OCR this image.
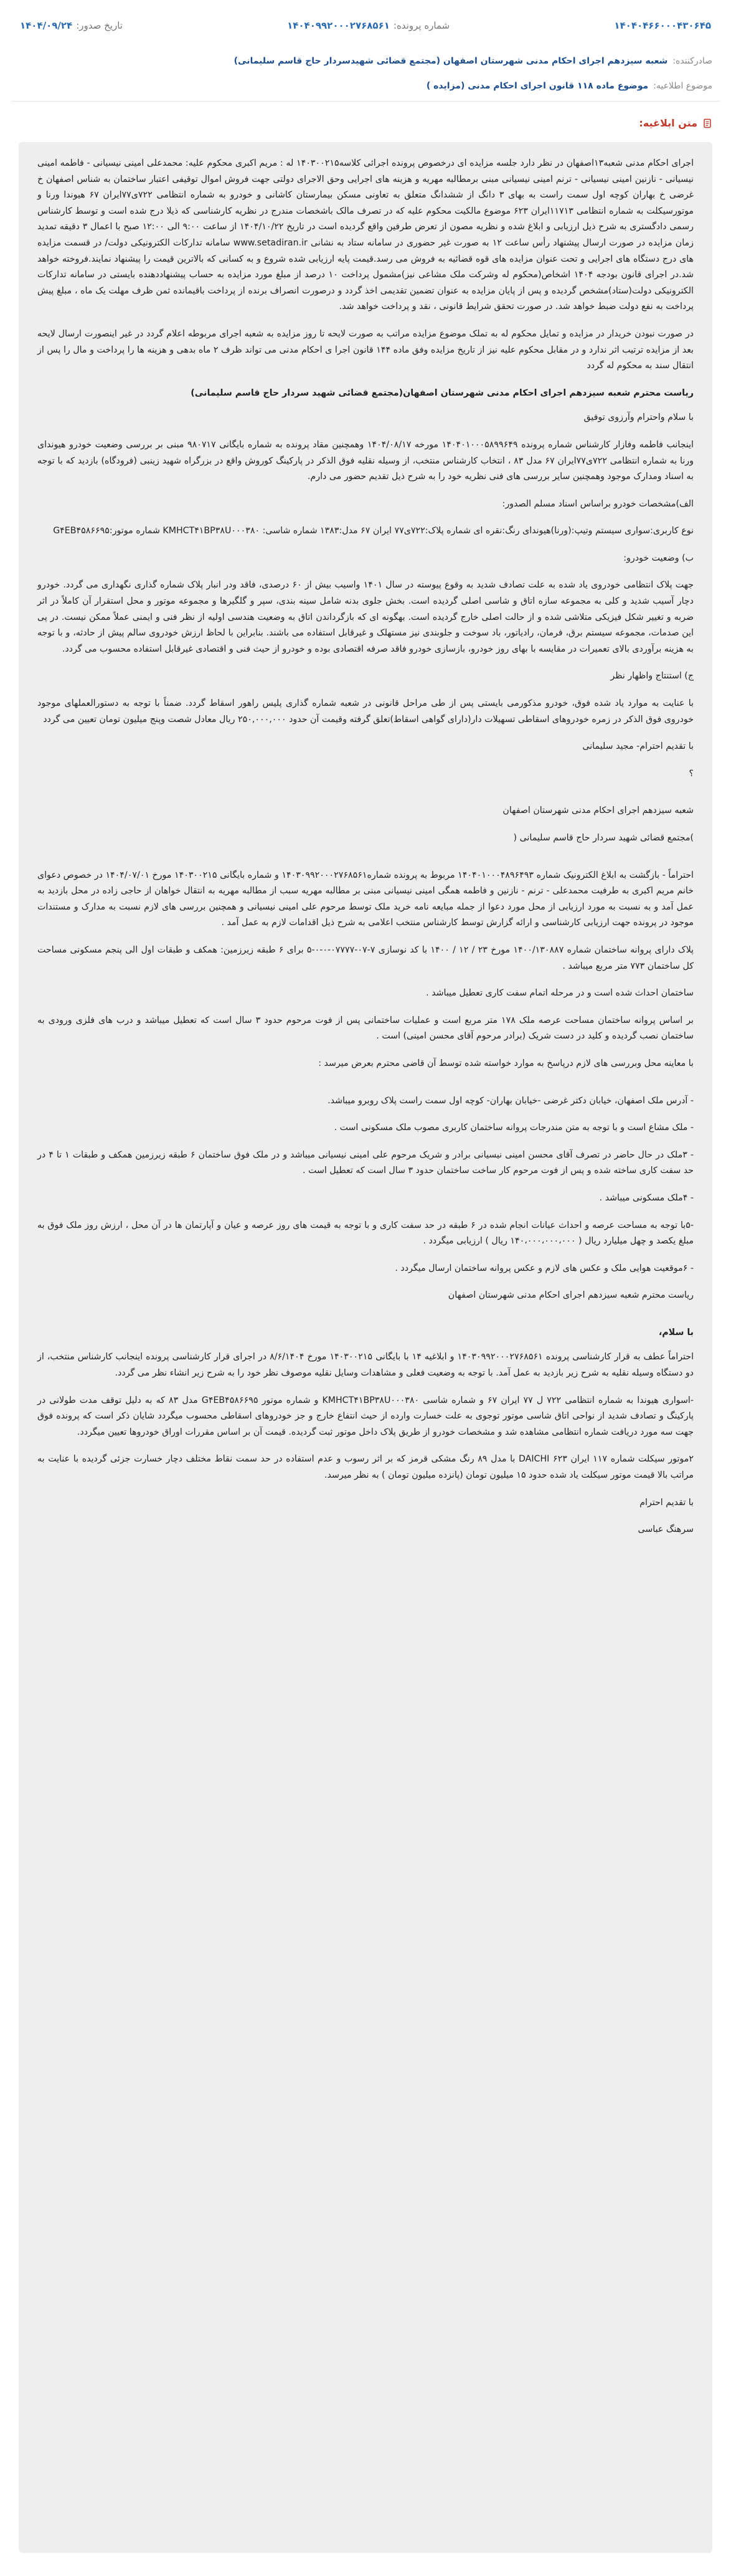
۱۴۰۴۰۴۶۶۰۰۰۴۳۰۶۴۵
شماره پرونده:
۱۴۰۴۰۹۹۲۰۰۰۲۷۶۸۵۶۱
تاریخ صدور:
۱۴۰۴/۰۹/۲۴
صادرکننده:
شعبه سیزدهم اجرای احکام مدنی شهرستان اصفهان (مجتمع قضائی شهیدسردار حاج قاسم سلیمانی)
موضوع اطلاعیه:
موضوع ماده ۱۱۸ قانون اجرای احکام مدنی (مزایده )
متن ابلاغیه:

اجرای احکام مدنی شعبه۱۳اصفهان در نظر دارد جلسه مزایده ای درخصوص پرونده اجرائی کلاسه۱۴۰۳۰۰۲۱۵ له : مریم اکبری محکوم علیه: محمدعلی امینی نیسیانی - فاطمه امینی نیسیانی - نازنین امینی نیسیانی - ترنم امینی نیسیانی مبنی برمطالبه مهریه و هزینه های اجرایی وحق الاجرای دولتی جهت فروش اموال توقیفی اعتبار ساختمان به شناس اصفهان خ غرضی خ بهاران کوچه اول سمت راست به بهای ۳ دانگ از ششدانگ متعلق به تعاونی مسکن بیمارستان کاشانی و خودرو به شماره انتظامی ۷۲۲ی۷۷ایران ۶۷ هیوندا ورنا و موتورسیکلت به شماره انتظامی ۱۱۷۱۳ایران ۶۲۳ موضوع مالکیت محکوم علیه که در تصرف مالک باشخصات مندرج در نظریه کارشناسی که ذیلا درج شده است و توسط کارشناس رسمی دادگستری به شرح ذیل ارزیابی و ابلاغ شده و نظریه مصون از تعرض طرفین واقع گردیده است در تاریخ ۱۴۰۴/۱۰/۲۲ از ساعت ۹:۰۰ الی ۱۲:۰۰ صبح با اعمال ۳ دقیقه تمدید زمان مزایده در صورت ارسال پیشنهاد رأس ساعت ۱۲ به صورت غیر حضوری در سامانه ستاد به نشانی www.setadiran.ir سامانه تدارکات الکترونیکی دولت/ در قسمت مزایده های درج دستگاه های اجرایی و تحت عنوان مزایده های قوه قضائیه به فروش می رسد.قیمت پایه ارزیابی شده شروع و به کسانی که بالاترین قیمت را پیشنهاد نمایند.فروخته خواهد شد.در اجرای قانون بودجه ۱۴۰۴ اشخاص(محکوم له وشرکت ملک مشاعی نیز)مشمول پرداخت ۱۰ درصد از مبلغ مورد مزایده به حساب پیشنهاددهنده بایستی در سامانه تدارکات الکترونیکی دولت(ستاد)مشخص گردیده و پس از پایان مزایده به عنوان تضمین تقدیمی اخذ گردد و درصورت انصراف برنده از پرداخت باقیمانده ثمن ظرف مهلت یک ماه ، مبلغ پیش پرداخت به نفع دولت ضبط خواهد شد. در صورت تحقق شرایط قانونی ، نقد و پرداخت خواهد شد.

در صورت نبودن خریدار در مزایده و تمایل محکوم له به تملک موضوع مزایده مراتب به صورت لایحه تا روز مزایده به شعبه اجرای مربوطه اعلام گردد در غیر اینصورت ارسال لایحه بعد از مزایده ترتیب اثر ندارد و در مقابل محکوم علیه نیز از تاریخ مزایده وفق ماده ۱۴۴ قانون اجرا ی احکام مدنی می تواند ظرف ۲ ماه بدهی و هزینه ها را پرداخت و مال را پس از انتقال سند به محکوم له گردد

ریاست محترم شعبه سیزدهم اجرای احکام مدنی شهرستان اصفهان(مجتمع قضائی شهید سردار حاج قاسم سلیمانی)

با سلام واحترام وآرزوی توفیق

اینجانب فاطمه وفازار کارشناس شماره پرونده ۱۴۰۴۰۱۰۰۰۵۸۹۹۶۴۹ مورخه ۱۴۰۴/۰۸/۱۷ وهمچنین مقاد پرونده به شماره بایگانی ۹۸۰۷۱۷ مبنی بر بررسی وضعیت خودرو هیوندای ورنا به شماره انتظامی ۷۲۲ی۷۷ایران ۶۷ مدل ۸۳ ، انتخاب کارشناس منتخب، از وسیله نقلیه فوق الذکر در پارکینگ کوروش واقع در بزرگراه شهید زینبی (فرودگاه) بازدید که با توجه به اسناد ومدارک موجود وهمچنین سایر بررسی های فنی نظریه خود را به شرح ذیل تقدیم حضور می دارم.

الف)مشخصات خودرو براساس اسناد مسلم الصدور:

نوع کاربری:سواری سیستم وتیپ:(ورنا)هیوندای رنگ:نقره ای شماره پلاک:۷۲۲ی۷۷ ایران ۶۷ مدل:۱۳۸۳ شماره شاسی: KMHCT۴۱BP۳۸U۰۰۰۳۸۰ شماره موتور:G۴EB۴۵۸۶۶۹۵

ب) وضعیت خودرو:

جهت پلاک انتظامی خودروی یاد شده به علت تصادف شدید به وقوع پیوسته در سال ۱۴۰۱ واسیب بیش از ۶۰ درصدی، فاقد ودر انبار پلاک شماره گذاری نگهداری می گردد. خودرو دچار آسیب شدید و کلی به مجموعه سازه اتاق و شاسی اصلی گردیده است. بخش جلوی بدنه شامل سینه بندی، سپر و گلگیرها و مجموعه موتور و محل استقرار آن کاملاً در اثر ضربه و تغییر شکل فیزیکی متلاشی شده و از حالت اصلی خارج گردیده است. بهگونه ای که بازگرداندن اتاق به وضعیت هندسی اولیه از نظر فنی و ایمنی عملاً ممکن نیست. در پی این صدمات، مجموعه سیستم برق، فرمان، رادیاتور، باد سوخت و جلوبندی نیز مستهلک و غیرقابل استفاده می باشند. بنابراین با لحاظ ارزش خودروی سالم پیش از حادثه، و با توجه به هزینه برآوردی بالای تعمیرات در مقایسه با بهای روز خودرو، بازسازی خودرو فاقد صرفه اقتصادی بوده و خودرو از حیث فنی و اقتصادی غیرقابل استفاده محسوب می گردد.

ج) استنتاج واظهار نظر

با عنایت به موارد یاد شده فوق، خودرو مذکورمی بایستی پس از طی مراحل قانونی در شعبه شماره گذاری پلیس راهور اسقاط گردد. ضمناً با توجه به دستورالعملهای موجود خودروی فوق الذکر در زمره خودروهای اسقاطی تسهیلات دار(دارای گواهی اسقاط)تعلق گرفته وقیمت آن حدود ۲۵۰,۰۰۰,۰۰۰ ریال معادل شصت وپنج میلیون تومان تعیین می گردد

با تقدیم احترام- مجید سلیمانی

؟

شعبه سیزدهم اجرای احکام مدنی شهرستان اصفهان

)مجتمع قضائی شهید سردار حاج قاسم سلیمانی (

احتراماً - بازگشت به ابلاغ الکترونیک شماره ۱۴۰۴۰۱۰۰۰۴۸۹۶۴۹۳ مربوط به پرونده شماره۱۴۰۳۰۹۹۲۰۰۰۲۷۶۸۵۶۱ و شماره بایگانی ۱۴۰۳۰۰۲۱۵ مورخ ۱۴۰۴/۰۷/۰۱ در خصوص دعوای خانم مریم اکبری به طرفیت محمدعلی - ترنم - نازنین و فاطمه همگی امینی نیسیانی مبنی بر مطالبه مهریه سبب از مطالبه مهریه به انتقال خواهان از حاجی زاده در محل بازدید به عمل آمد و به نسبت به مورد ارزیابی از محل مورد دعوا از جمله مبایعه نامه خرید ملک توسط مرحوم علی امینی نیسیانی و همچنین بررسی های لازم نسبت به مدارک و مستندات موجود در پرونده جهت ارزیابی کارشناسی و ارائه گزارش توسط کارشناس منتخب اعلامی به شرح ذیل اقدامات لازم به عمل آمد .

پلاک دارای پروانه ساختمان شماره ۱۴۰۰/۱۳۰۸۸۷ مورخ ۲۳ / ۱۲ / ۱۴۰۰ با کد نوسازی ۷-۰۷-۰۷۷۷۷-۰-۰-۵ برای ۶ طبقه زیرزمین: همکف و طبقات اول الی پنجم مسکونی مساحت کل ساختمان ۷۷۳ متر مربع میباشد .

ساختمان احداث شده است و در مرحله اتمام سفت کاری تعطیل میباشد .

بر اساس پروانه ساختمان مساحت عرصه ملک ۱۷۸ متر مربع است و عملیات ساختمانی پس از فوت مرحوم حدود ۳ سال است که تعطیل میباشد و درب های فلزی ورودی به ساختمان نصب گردیده و کلید در دست شریک (برادر مرحوم آقای محسن امینی) است .

با معاینه محل وبررسی های لازم درپاسخ به موارد خواسته شده توسط آن قاضی محترم بعرض میرسد :

- آدرس ملک اصفهان، خیابان دکتر غرضی -خیابان بهاران- کوچه اول سمت راست پلاک روبرو میباشد.

- ملک مشاع است و با توجه به متن مندرجات پروانه ساختمان کاربری مصوب ملک مسکونی است .

- ۳ملک در حال حاضر در تصرف آقای محسن امینی نیسیانی برادر و شریک مرحوم علی امینی نیسیانی میباشد و در ملک فوق ساختمان ۶ طبقه زیرزمین همکف و طبقات ۱ تا ۴ در حد سفت کاری ساخته شده و پس از فوت مرحوم کار ساخت ساختمان حدود ۳ سال است که تعطیل است .

- ۴ملک مسکونی میباشد .

-۵با توجه به مساحت عرصه و احداث عیانات انجام شده در ۶ طبقه در حد سفت کاری و با توجه به قیمت های روز عرصه و عیان و آپارتمان ها در آن محل ، ارزش روز ملک فوق به مبلغ یکصد و چهل میلیارد ریال ( ۱۴۰،۰۰۰،۰۰۰،۰۰۰ ریال ) ارزیابی میگردد .

- ۶موقعیت هوایی ملک و عکس های لازم و عکس پروانه ساختمان ارسال میگردد .

ریاست محترم شعبه سیزدهم اجرای احکام مدنی شهرستان اصفهان

با سلام،

احتراماً عطف به قرار کارشناسی پرونده ۱۴۰۳۰۹۹۲۰۰۰۲۷۶۸۵۶۱ و ابلاغیه ۱۴ با بایگانی ۱۴۰۳۰۰۲۱۵ مورخ ۸/۶/۱۴۰۴ در اجرای قرار کارشناسی پرونده اینجانب کارشناس منتخب، از دو دستگاه وسیله نقلیه به شرح زیر بازدید به عمل آمد. با توجه به وضعیت فعلی و مشاهدات وسایل نقلیه موصوف نظر خود را به شرح زیر انشاء نظر می گردد.

-اسواری هیوندا به شماره انتظامی ۷۲۲ ل ۷۷ ایران ۶۷ و شماره شاسی KMHCT۴۱BP۳۸U۰۰۰۳۸۰ و شماره موتور G۴EB۴۵۸۶۶۹۵ مدل ۸۳ که به دلیل توقف مدت طولانی در پارکینگ و تصادف شدید از نواحی اتاق شاسی موتور توجوی به علت خسارت وارده از حیث انتفاع خارج و جز خودروهای اسقاطی محسوب میگردد شایان ذکر است که پرونده فوق جهت سه مورد دریافت شماره انتظامی مشاهده شد و مشخصات خودرو از طریق پلاک داخل موتور ثبت گردیده. قیمت آن بر اساس مقررات اوراق خودروها تعیین میگردد.

۲موتور سیکلت شماره ۱۱۷ ایران ۶۲۳ DAICHI با مدل ۸۹ رنگ مشکی قرمز که بر اثر رسوب و عدم استفاده در حد سمت نقاط مختلف دچار خسارت جزئی گردیده با عنایت به مراتب بالا قیمت موتور سیکلت یاد شده حدود ۱۵ میلیون تومان (پانزده میلیون تومان ) به نظر میرسد.

با تقدیم احترام

سرهنگ عباسی
